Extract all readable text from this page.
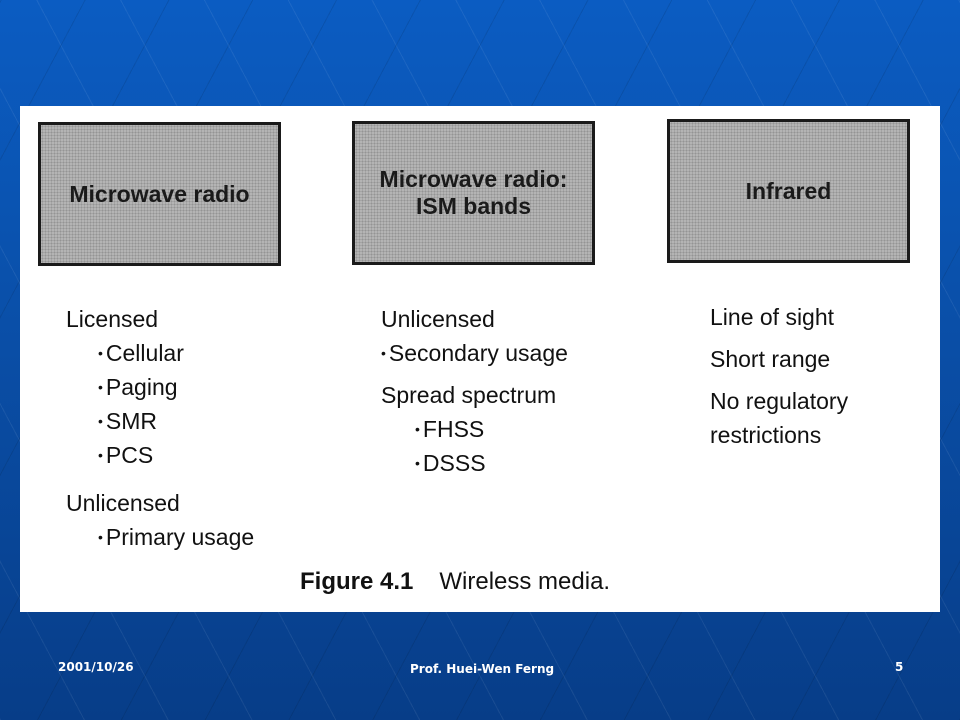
Microwave radio
Microwave radio:
ISM bands
Infrared
Licensed
• Cellular
• Paging
• SMR
• PCS
Unlicensed
• Primary usage
Unlicensed
• Secondary usage
Spread spectrum
• FHSS
• DSSS
Line of sight
Short range
No regulatory
restrictions
Figure 4.1 Wireless media.
2001/10/26	Prof. Huei-Wen Ferng	5
